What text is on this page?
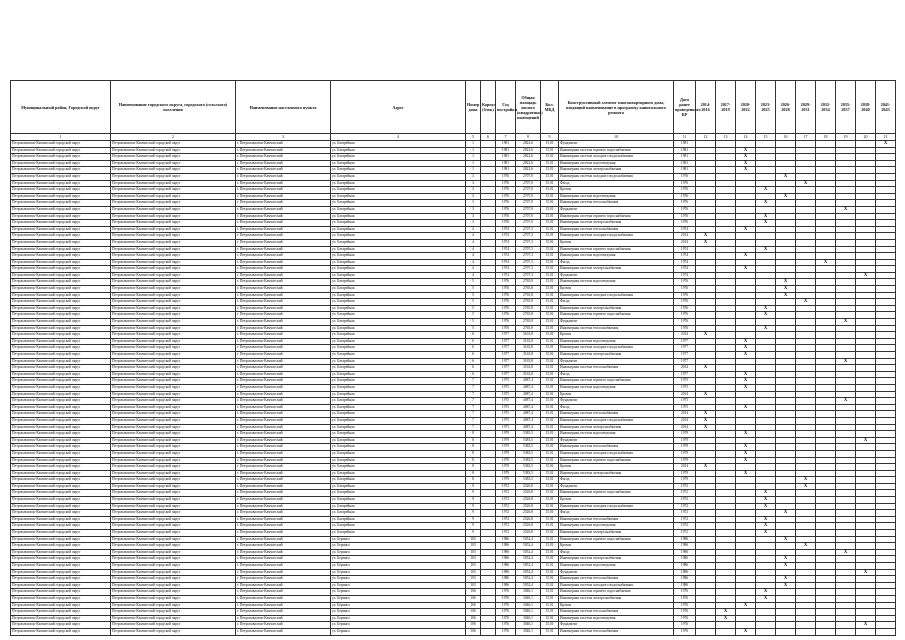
Муниципальный район, Городской округ	Наименование городского округа, городского (сельского) поселения	Наименование населенного пункта	Адрес	Номер дома	Корпус (блок)	Год постройки	Общая площадь жилого (квадратные) помещений	Кол. МКД	Конструктивный элемент многоквартирного дома, входящий наименование в программу капитального ремонта	Дата ранее проведенного КР	2014-2016	2017-2019	2020-2022	2023-2025	2026-2028	2029-2031	2032-2034	2035-2037	2038-2040	2041-2043
1	2	3	4	5	6	7	8	9	10	11	12	13	14	15	16	17	18	19	20	21
Петропавловск-Камчатский городской округ	Петропавловск-Камчатский городской округ	г. Петропавловск-Камчатский	ул. Батарейная	1		1981	2822,6	15,01	Фундамент	1981										X
Петропавловск-Камчатский городской округ	Петропавловск-Камчатский городской округ	г. Петропавловск-Камчатский	ул. Батарейная	1		1981	2822,6	15,01	Инженерная система горячего водоснабжения	1981			X							
Петропавловск-Камчатский городской округ	Петропавловск-Камчатский городской округ	г. Петропавловск-Камчатский	ул. Батарейная	1		1981	2822,6	15,01	Инженерная система холодного водоснабжения	1981			X							
Петропавловск-Камчатский городской округ	Петропавловск-Камчатский городской округ	г. Петропавловск-Камчатский	ул. Батарейная	1		1981	2822,6	15,01	Инженерная система водоотведения	1981			X							
Петропавловск-Камчатский городской округ	Петропавловск-Камчатский городской округ	г. Петропавловск-Камчатский	ул. Батарейная	1		1981	2822,6	15,01	Инженерная система электроснабжения	1981			X							
Петропавловск-Камчатский городской округ	Петропавловск-Камчатский городской округ	г. Петропавловск-Камчатский	ул. Батарейная	3		1976	2707,0	15,01	Инженерная система холодного водоснабжения	1976					X					
Петропавловск-Камчатский городской округ	Петропавловск-Камчатский городской округ	г. Петропавловск-Камчатский	ул. Батарейная	3		1976	2707,0	15,01	Фасад	1976						X				
Петропавловск-Камчатский городской округ	Петропавловск-Камчатский городской округ	г. Петропавловск-Камчатский	ул. Батарейная	3		1976	2707,0	15,01	Кровля	1976				X						
Петропавловск-Камчатский городской округ	Петропавловск-Камчатский городской округ	г. Петропавловск-Камчатский	ул. Батарейная	3		1976	2707,0	15,01	Инженерная система водоотведения	1976					X					
Петропавловск-Камчатский городской округ	Петропавловск-Камчатский городской округ	г. Петропавловск-Камчатский	ул. Батарейная	3		1976	2707,0	15,01	Инженерная система теплоснабжения	1976				X						
Петропавловск-Камчатский городской округ	Петропавловск-Камчатский городской округ	г. Петропавловск-Камчатский	ул. Батарейная	3		1976	2707,0	15,01	Фундамент	1976								X		
Петропавловск-Камчатский городской округ	Петропавловск-Камчатский городской округ	г. Петропавловск-Камчатский	ул. Батарейная	3		1976	2707,0	15,01	Инженерная система горячего водоснабжения	1976				X						
Петропавловск-Камчатский городской округ	Петропавловск-Камчатский городской округ	г. Петропавловск-Камчатский	ул. Батарейная	3		1976	2707,0	15,01	Инженерная система электроснабжения	1976				X						
Петропавловск-Камчатский городской округ	Петропавловск-Камчатский городской округ	г. Петропавловск-Камчатский	ул. Батарейная	4		1974	2707,3	15,01	Инженерная система теплоснабжения	1974			X							
Петропавловск-Камчатский городской округ	Петропавловск-Камчатский городской округ	г. Петропавловск-Камчатский	ул. Батарейная	4		1974	2707,3	15,01	Инженерная система холодного водоснабжения	2014	X									
Петропавловск-Камчатский городской округ	Петропавловск-Камчатский городской округ	г. Петропавловск-Камчатский	ул. Батарейная	4		1974	2707,3	15,01	Кровля	2014	X									
Петропавловск-Камчатский городской округ	Петропавловск-Камчатский городской округ	г. Петропавловск-Камчатский	ул. Батарейная	4		1974	2707,3	15,01	Инженерная система горячего водоснабжения	1974				X						
Петропавловск-Камчатский городской округ	Петропавловск-Камчатский городской округ	г. Петропавловск-Камчатский	ул. Батарейная	4		1974	2707,3	15,01	Инженерная система водоотведения	1974			X							
Петропавловск-Камчатский городской округ	Петропавловск-Камчатский городской округ	г. Петропавловск-Камчатский	ул. Батарейная	4		1974	2707,3	15,01	Фасад	1974							X			
Петропавловск-Камчатский городской округ	Петропавловск-Камчатский городской округ	г. Петропавловск-Камчатский	ул. Батарейная	4		1974	2707,3	15,01	Инженерная система электроснабжения	1974			X							
Петропавловск-Камчатский городской округ	Петропавловск-Камчатский городской округ	г. Петропавловск-Камчатский	ул. Батарейная	4		1974	2707,3	15,01	Фундамент	1974									X	
Петропавловск-Камчатский городской округ	Петропавловск-Камчатский городской округ	г. Петропавловск-Камчатский	ул. Батарейная	5		1976	2765,8	15,01	Инженерная система водоотведения	1976					X					
Петропавловск-Камчатский городской округ	Петропавловск-Камчатский городской округ	г. Петропавловск-Камчатский	ул. Батарейная	5		1976	2765,8	15,01	Кровля	1976					X					
Петропавловск-Камчатский городской округ	Петропавловск-Камчатский городской округ	г. Петропавловск-Камчатский	ул. Батарейная	5		1976	2765,8	15,01	Инженерная система холодного водоснабжения	1976					X					
Петропавловск-Камчатский городской округ	Петропавловск-Камчатский городской округ	г. Петропавловск-Камчатский	ул. Батарейная	5		1976	2765,8	15,01	Фасад	1976						X				
Петропавловск-Камчатский городской округ	Петропавловск-Камчатский городской округ	г. Петропавловск-Камчатский	ул. Батарейная	5		1976	2765,8	15,01	Инженерная система электроснабжения	1976				X						
Петропавловск-Камчатский городской округ	Петропавловск-Камчатский городской округ	г. Петропавловск-Камчатский	ул. Батарейная	5		1976	2765,8	15,01	Инженерная система горячего водоснабжения	1976				X						
Петропавловск-Камчатский городской округ	Петропавловск-Камчатский городской округ	г. Петропавловск-Камчатский	ул. Батарейная	5		1976	2765,8	15,01	Фундамент	1976								X		
Петропавловск-Камчатский городской округ	Петропавловск-Камчатский городской округ	г. Петропавловск-Камчатский	ул. Батарейная	5		1976	2765,8	15,01	Инженерная система теплоснабжения	1976				X						
Петропавловск-Камчатский городской округ	Петропавловск-Камчатский городской округ	г. Петропавловск-Камчатский	ул. Батарейная	6		1977	3163,8	15,01	Кровля	2014	X									
Петропавловск-Камчатский городской округ	Петропавловск-Камчатский городской округ	г. Петропавловск-Камчатский	ул. Батарейная	6		1977	3163,8	15,01	Инженерная система водоотведения	1977			X							
Петропавловск-Камчатский городской округ	Петропавловск-Камчатский городской округ	г. Петропавловск-Камчатский	ул. Батарейная	6		1977	3163,8	15,01	Инженерная система холодного водоснабжения	1977			X							
Петропавловск-Камчатский городской округ	Петропавловск-Камчатский городской округ	г. Петропавловск-Камчатский	ул. Батарейная	6		1977	3163,8	15,01	Инженерная система электроснабжения	1977			X							
Петропавловск-Камчатский городской округ	Петропавловск-Камчатский городской округ	г. Петропавловск-Камчатский	ул. Батарейная	6		1977	3163,8	15,01	Фундамент	1977								X		
Петропавловск-Камчатский городской округ	Петропавловск-Камчатский городской округ	г. Петропавловск-Камчатский	ул. Батарейная	6		1977	3163,8	15,01	Инженерная система теплоснабжения	2014	X									
Петропавловск-Камчатский городской округ	Петропавловск-Камчатский городской округ	г. Петропавловск-Камчатский	ул. Батарейная	6		1977	3163,8	15,01	Фасад	1977			X							
Петропавловск-Камчатский городской округ	Петропавловск-Камчатский городской округ	г. Петропавловск-Камчатский	ул. Батарейная	7		1975	4087,4	15,01	Инженерная система горячего водоснабжения	1975			X							
Петропавловск-Камчатский городской округ	Петропавловск-Камчатский городской округ	г. Петропавловск-Камчатский	ул. Батарейная	7		1975	4087,4	15,01	Инженерная система водоотведения	1975			X							
Петропавловск-Камчатский городской округ	Петропавловск-Камчатский городской округ	г. Петропавловск-Камчатский	ул. Батарейная	7		1975	4087,4	15,01	Кровля	2014	X									
Петропавловск-Камчатский городской округ	Петропавловск-Камчатский городской округ	г. Петропавловск-Камчатский	ул. Батарейная	7		1975	4087,4	15,01	Фундамент	1975								X		
Петропавловск-Камчатский городской округ	Петропавловск-Камчатский городской округ	г. Петропавловск-Камчатский	ул. Батарейная	7		1975	4087,4	15,01	Фасад	1975			X							
Петропавловск-Камчатский городской округ	Петропавловск-Камчатский городской округ	г. Петропавловск-Камчатский	ул. Батарейная	7		1975	4087,4	15,01	Инженерная система теплоснабжения	2014	X									
Петропавловск-Камчатский городской округ	Петропавловск-Камчатский городской округ	г. Петропавловск-Камчатский	ул. Батарейная	7		1975	4087,4	15,01	Инженерная система холодного водоснабжения	2014	X									
Петропавловск-Камчатский городской округ	Петропавловск-Камчатский городской округ	г. Петропавловск-Камчатский	ул. Батарейная	7		1975	4087,4	15,01	Инженерная система электроснабжения	2014	X									
Петропавловск-Камчатский городской округ	Петропавловск-Камчатский городской округ	г. Петропавловск-Камчатский	ул. Батарейная	8		1979	5383,5	15,01	Инженерная система водоотведения	1979			X							
Петропавловск-Камчатский городской округ	Петропавловск-Камчатский городской округ	г. Петропавловск-Камчатский	ул. Батарейная	8		1979	5383,5	15,01	Фундамент	1979									X	
Петропавловск-Камчатский городской округ	Петропавловск-Камчатский городской округ	г. Петропавловск-Камчатский	ул. Батарейная	8		1979	5383,5	15,01	Инженерная система теплоснабжения	1979			X							
Петропавловск-Камчатский городской округ	Петропавловск-Камчатский городской округ	г. Петропавловск-Камчатский	ул. Батарейная	8		1979	5383,5	15,01	Инженерная система холодного водоснабжения	1979			X							
Петропавловск-Камчатский городской округ	Петропавловск-Камчатский городской округ	г. Петропавловск-Камчатский	ул. Батарейная	8		1979	5383,5	15,01	Инженерная система горячего водоснабжения	1979			X							
Петропавловск-Камчатский городской округ	Петропавловск-Камчатский городской округ	г. Петропавловск-Камчатский	ул. Батарейная	8		1979	5383,5	15,01	Кровля	2014	X									
Петропавловск-Камчатский городской округ	Петропавловск-Камчатский городской округ	г. Петропавловск-Камчатский	ул. Батарейная	8		1979	5383,5	15,01	Инженерная система электроснабжения	1979			X							
Петропавловск-Камчатский городской округ	Петропавловск-Камчатский городской округ	г. Петропавловск-Камчатский	ул. Батарейная	8		1979	5383,5	15,01	Фасад	1979						X				
Петропавловск-Камчатский городской округ	Петропавловск-Камчатский городской округ	г. Петропавловск-Камчатский	ул. Батарейная	9		1972	2526,8	15,01	Фундамент	1972						X				
Петропавловск-Камчатский городской округ	Петропавловск-Камчатский городской округ	г. Петропавловск-Камчатский	ул. Батарейная	9		1972	2526,8	15,01	Инженерная система горячего водоснабжения	1972				X						
Петропавловск-Камчатский городской округ	Петропавловск-Камчатский городской округ	г. Петропавловск-Камчатский	ул. Батарейная	9		1972	2526,8	15,01	Кровля	1972				X						
Петропавловск-Камчатский городской округ	Петропавловск-Камчатский городской округ	г. Петропавловск-Камчатский	ул. Батарейная	9		1972	2526,8	15,01	Инженерная система холодного водоснабжения	1972				X						
Петропавловск-Камчатский городской округ	Петропавловск-Камчатский городской округ	г. Петропавловск-Камчатский	ул. Батарейная	9		1972	2526,8	15,01	Фасад	1972					X					
Петропавловск-Камчатский городской округ	Петропавловск-Камчатский городской округ	г. Петропавловск-Камчатский	ул. Батарейная	9		1972	2526,8	15,01	Инженерная система теплоснабжения	1972				X						
Петропавловск-Камчатский городской округ	Петропавловск-Камчатский городской округ	г. Петропавловск-Камчатский	ул. Батарейная	9		1972	2526,8	15,01	Инженерная система водоотведения	1972				X						
Петропавловск-Камчатский городской округ	Петропавловск-Камчатский городской округ	г. Петропавловск-Камчатский	ул. Батарейная	9		1972	2526,8	15,01	Инженерная система электроснабжения	1972				X						
Петропавловск-Камчатский городской округ	Петропавловск-Камчатский городской округ	г. Петропавловск-Камчатский	ул. Беринга	103		1986	5052,4	15,01	Инженерная система горячего водоснабжения	1986					X					
Петропавловск-Камчатский городской округ	Петропавловск-Камчатский городской округ	г. Петропавловск-Камчатский	ул. Беринга	103		1986	5052,4	15,01	Кровля	1986						X				
Петропавловск-Камчатский городской округ	Петропавловск-Камчатский городской округ	г. Петропавловск-Камчатский	ул. Беринга	103		1986	5052,4	15,01	Фасад	1986								X		
Петропавловск-Камчатский городской округ	Петропавловск-Камчатский городской округ	г. Петропавловск-Камчатский	ул. Беринга	103		1986	5052,4	15,01	Инженерная система электроснабжения	1986					X					
Петропавловск-Камчатский городской округ	Петропавловск-Камчатский городской округ	г. Петропавловск-Камчатский	ул. Беринга	103		1986	5052,4	15,01	Инженерная система водоотведения	1986					X					
Петропавловск-Камчатский городской округ	Петропавловск-Камчатский городской округ	г. Петропавловск-Камчатский	ул. Беринга	103		1986	5052,4	15,01	Фундамент	1986									X	
Петропавловск-Камчатский городской округ	Петропавловск-Камчатский городской округ	г. Петропавловск-Камчатский	ул. Беринга	103		1986	5052,4	15,01	Инженерная система теплоснабжения	1986					X					
Петропавловск-Камчатский городской округ	Петропавловск-Камчатский городской округ	г. Петропавловск-Камчатский	ул. Беринга	103		1986	5052,4	15,01	Инженерная система холодного водоснабжения	1986					X					
Петропавловск-Камчатский городской округ	Петропавловск-Камчатский городской округ	г. Петропавловск-Камчатский	ул. Беринга	106		1976	3046,1	15,01	Инженерная система горячего водоснабжения	1976				X						
Петропавловск-Камчатский городской округ	Петропавловск-Камчатский городской округ	г. Петропавловск-Камчатский	ул. Беринга	106		1976	3046,1	15,01	Инженерная система электроснабжения	1976				X						
Петропавловск-Камчатский городской округ	Петропавловск-Камчатский городской округ	г. Петропавловск-Камчатский	ул. Беринга	106		1976	3046,1	15,01	Кровля	1976			X							
Петропавловск-Камчатский городской округ	Петропавловск-Камчатский городской округ	г. Петропавловск-Камчатский	ул. Беринга	106		1976	3046,1	15,01	Инженерная система теплоснабжения	1976		X								
Петропавловск-Камчатский городской округ	Петропавловск-Камчатский городской округ	г. Петропавловск-Камчатский	ул. Беринга	106		1976	3046,1	15,01	Инженерная система водоотведения	1976		X								
Петропавловск-Камчатский городской округ	Петропавловск-Камчатский городской округ	г. Петропавловск-Камчатский	ул. Беринга	106		1976	3046,1	15,01	Фундамент	1976									X	
Петропавловск-Камчатский городской округ	Петропавловск-Камчатский городской округ	г. Петропавловск-Камчатский	ул. Беринга	106		1976	3046,1	15,01	Инженерная система теплоснабжения	1976			X							
